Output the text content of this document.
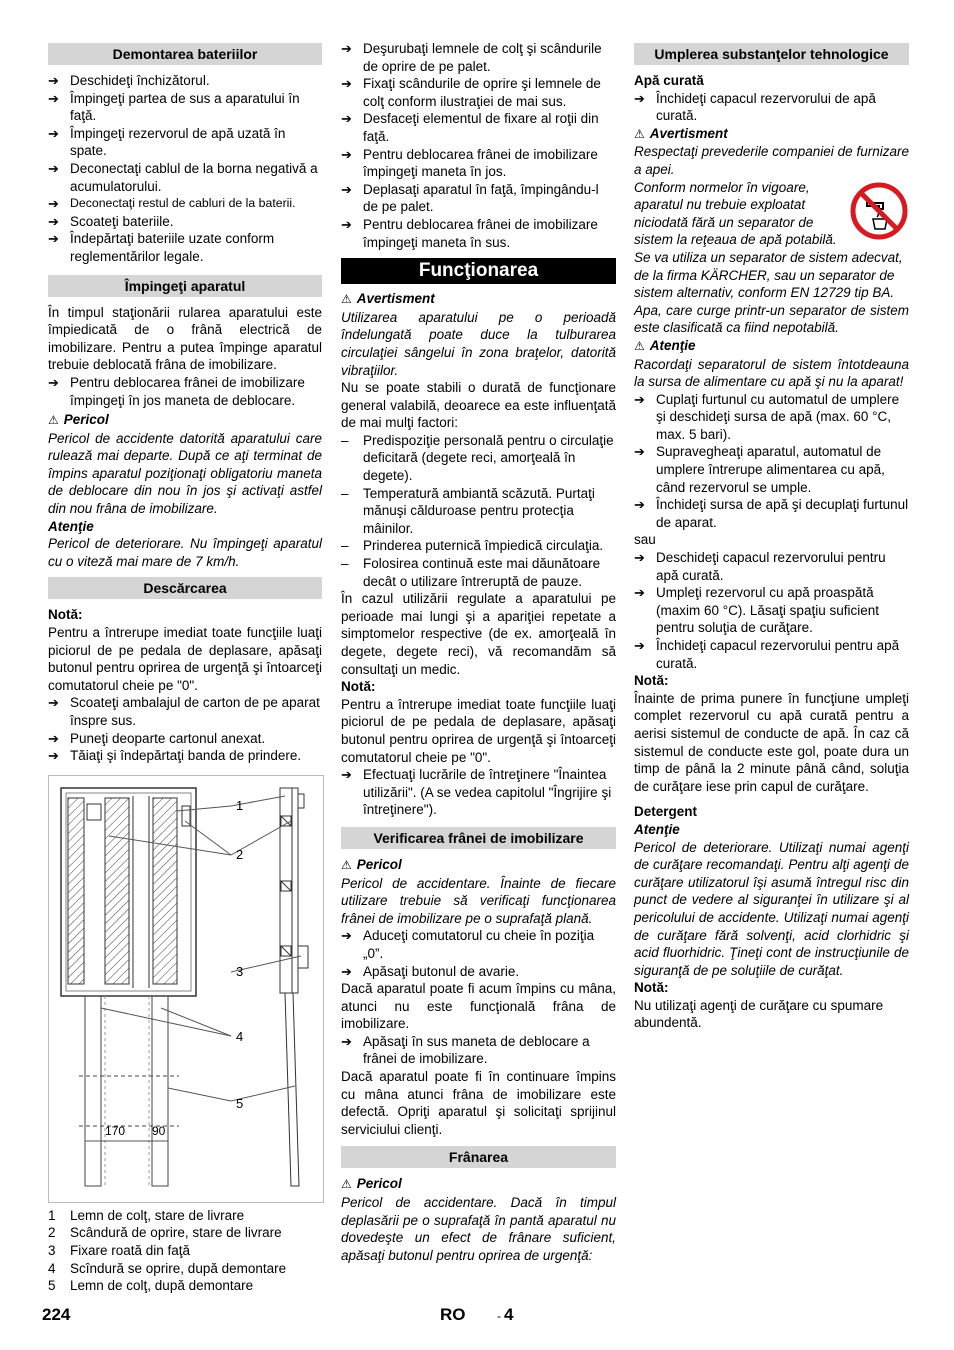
Demontarea bateriilor
➔ Deschideţi închizătorul.
➔ Împingeţi partea de sus a aparatului în faţă.
➔ Împingeţi rezervorul de apă uzată în spate.
➔ Deconectaţi cablul de la borna negativă a acumulatorului.
➔ Deconectaţi restul de cabluri de la baterii.
➔ Scoateţi bateriile.
➔ Îndepărtaţi bateriile uzate conform reglementărilor legale.
Împingeţi aparatul

În timpul staţionării rularea aparatului este împiedicată de o frână electrică de imobilizare. Pentru a putea împinge aparatul trebuie deblocată frâna de imobilizare.

➔ Pentru deblocarea frânei de imobilizare împingeţi în jos maneta de deblocare.
⚠ Pericol

Pericol de accidente datorită aparatului care rulează mai departe. După ce aţi terminat de împins aparatul poziţionaţi obligatoriu maneta de deblocare din nou în jos şi activaţi astfel din nou frâna de imobilizare.

Atenţie

Pericol de deteriorare. Nu împingeţi aparatul cu o viteză mai mare de 7 km/h.

Descărcarea
Notă:

Pentru a întrerupe imediat toate funcţiile luaţi piciorul de pe pedala de deplasare, apăsaţi butonul pentru oprirea de urgenţă şi întoarceţi comutatorul cheie pe "0".

➔ Scoateţi ambalajul de carton de pe aparat înspre sus.
➔ Puneţi deoparte cartonul anexat.
➔ Tăiaţi şi îndepărtaţi banda de prindere.
1
2
3
4
5
170 90
1 Lemn de colţ, stare de livrare
2 Scândură de oprire, stare de livrare
3 Fixare roată din faţă
4 Scîndură se oprire, după demontare
5 Lemn de colţ, după demontare
➔ Deşurubaţi lemnele de colţ şi scândurile de oprire de pe palet.
➔ Fixaţi scândurile de oprire şi lemnele de colţ conform ilustraţiei de mai sus.
➔ Desfaceţi elementul de fixare al roţii din faţă.
➔ Pentru deblocarea frânei de imobilizare împingeţi maneta în jos.
➔ Deplasaţi aparatul în faţă, împingându-l de pe palet.
➔ Pentru deblocarea frânei de imobilizare împingeţi maneta în sus.
Funcţionarea
⚠ Avertisment

Utilizarea aparatului pe o perioadă îndelungată poate duce la tulburarea circulaţiei sângelui în zona braţelor, datorită vibraţiilor.

Nu se poate stabili o durată de funcţionare general valabilă, deoarece ea este influenţată de mai mulţi factori:

– Predispoziţie personală pentru o circulaţie deficitară (degete reci, amorţeală în degete).
– Temperatură ambiantă scăzută. Purtaţi mănuşi călduroase pentru protecţia mâinilor.
– Prinderea puternică împiedică circulaţia.
– Folosirea continuă este mai dăunătoare decât o utilizare întreruptă de pauze.

În cazul utilizării regulate a aparatului pe perioade mai lungi şi a apariţiei repetate a simptomelor respective (de ex. amorţeală în degete, degete reci), vă recomandăm să consultaţi un medic.

Notă:

Pentru a întrerupe imediat toate funcţiile luaţi piciorul de pe pedala de deplasare, apăsaţi butonul pentru oprirea de urgenţă şi întoarceţi comutatorul cheie pe "0".

➔ Efectuaţi lucrările de întreţinere "Înaintea utilizării". (A se vedea capitolul "Îngrijire şi întreţinere").
Verificarea frânei de imobilizare
⚠ Pericol

Pericol de accidentare. Înainte de fiecare utilizare trebuie să verificaţi funcţionarea frânei de imobilizare pe o suprafaţă plană.

➔ Aduceţi comutatorul cu cheie în poziţia „0”.
➔ Apăsaţi butonul de avarie.

Dacă aparatul poate fi acum împins cu mâna, atunci nu este funcţională frâna de imobilizare.

➔ Apăsaţi în sus maneta de deblocare a frânei de imobilizare.

Dacă aparatul poate fi în continuare împins cu mâna atunci frâna de imobilizare este defectă. Opriţi aparatul şi solicitaţi sprijinul serviciului clienţi.

Frânarea
⚠ Pericol

Pericol de accidentare. Dacă în timpul deplasării pe o suprafaţă în pantă aparatul nu dovedeşte un efect de frânare suficient, apăsaţi butonul pentru oprirea de urgenţă:

Umplerea substanţelor tehnologice
Apă curată
➔ Închideţi capacul rezervorului de apă curată.
⚠ Avertisment

Respectaţi prevederile companiei de furnizare a apei.

Conform normelor în vigoare, aparatul nu trebuie exploatat niciodată fără un separator de sistem la reţeaua de apă potabilă. Se va utiliza un separator de sistem adecvat, de la firma KÄRCHER, sau un separator de sistem alternativ, conform EN 12729 tip BA.

Apa, care curge printr-un separator de sistem este clasificată ca fiind nepotabilă.

⚠ Atenţie

Racordaţi separatorul de sistem întotdeauna la sursa de alimentare cu apă şi nu la aparat!

➔ Cuplaţi furtunul cu automatul de umplere şi deschideţi sursa de apă (max. 60 °C, max. 5 bari).
➔ Supravegheaţi aparatul, automatul de umplere întrerupe alimentarea cu apă, când rezervorul se umple.
➔ Închideţi sursa de apă şi decuplaţi furtunul de aparat.

sau

➔ Deschideţi capacul rezervorului pentru apă curată.
➔ Umpleţi rezervorul cu apă proaspătă (maxim 60 °C). Lăsaţi spaţiu suficient pentru soluţia de curăţare.
➔ Închideţi capacul rezervorului pentru apă curată.
Notă:

Înainte de prima punere în funcţiune umpleţi complet rezervorul cu apă curată pentru a aerisi sistemul de conducte de apă. În caz că sistemul de conducte este gol, poate dura un timp de până la 2 minute până când, soluţia de curăţare iese prin capul de curăţare.

Detergent
Atenţie

Pericol de deteriorare. Utilizaţi numai agenţi de curăţare recomandaţi. Pentru alţi agenţi de curăţare utilizatorul îşi asumă întregul risc din punct de vedere al siguranţei în utilizare şi al pericolului de accidente. Utilizaţi numai agenţi de curăţare fără solvenţi, acid clorhidric şi acid fluorhidric. Ţineţi cont de instrucţiunile de siguranţă de pe soluţiile de curăţat.

Notă:

Nu utilizaţi agenţi de curăţare cu spumare abundentă.

224	RO	- 4
